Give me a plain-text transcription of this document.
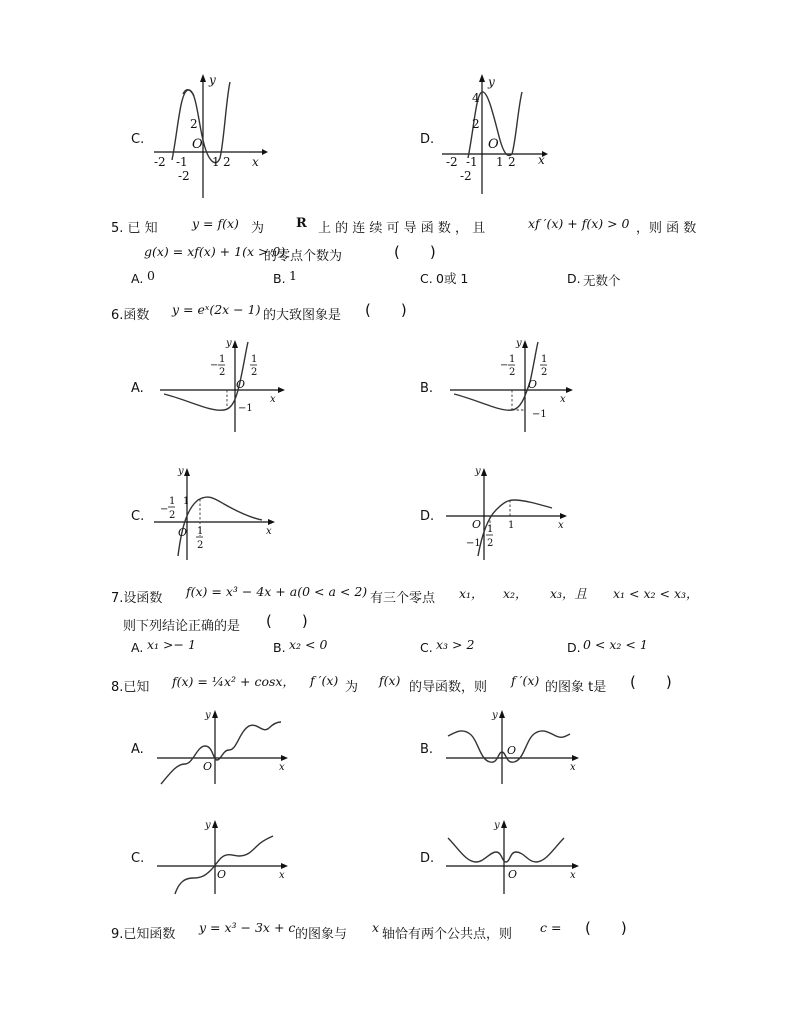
C.
y
2
O
-2 -1 1 2 x
-2
D.
y
4
2
O
-2 -1 1 2 x
-2
5. 已 知	y = f(x) 为 R 上 的 连 续 可 导 函 数 ， 且	xf ′(x) + f(x) > 0 ，则 函 数
g(x) = xf(x) + 1(x > 0)
的零点个数为	(　　)
A. 0	B. 1	C. 0或 1	D. 无数个
6.函数 y = eˣ(2x − 1) 的大致图象是 (　　)
A.
y
−
1
2
O
1
2
x
−1
B.
y
−
1
2
O
1
2
x
−1
C.
y
−
1
2
1
O 1
2
x
D.
y
O	1
−1
1
2
x
7.设函数 f(x) = x³ − 4x + a(0 < a < 2) 有三个零点 x₁， x₂， x₃，且 x₁ < x₂ < x₃，
则下列结论正确的是 (　　)
A. x₁ >− 1	B. x₂ < 0	C. x₃ > 2	D. 0 < x₂ < 1
8.已知 f(x) = ¼x² + cosx， f ′(x) 为 f(x) 的导函数，则 f ′(x) 的图象 t是 (　　)
A.
y
O	x
B.
y
O
x
C.
y
O	x
D.
y
O	x
9.已知函数 y = x³ − 3x + c 的图象与 x 轴恰有两个公共点，则 c = (　　)
